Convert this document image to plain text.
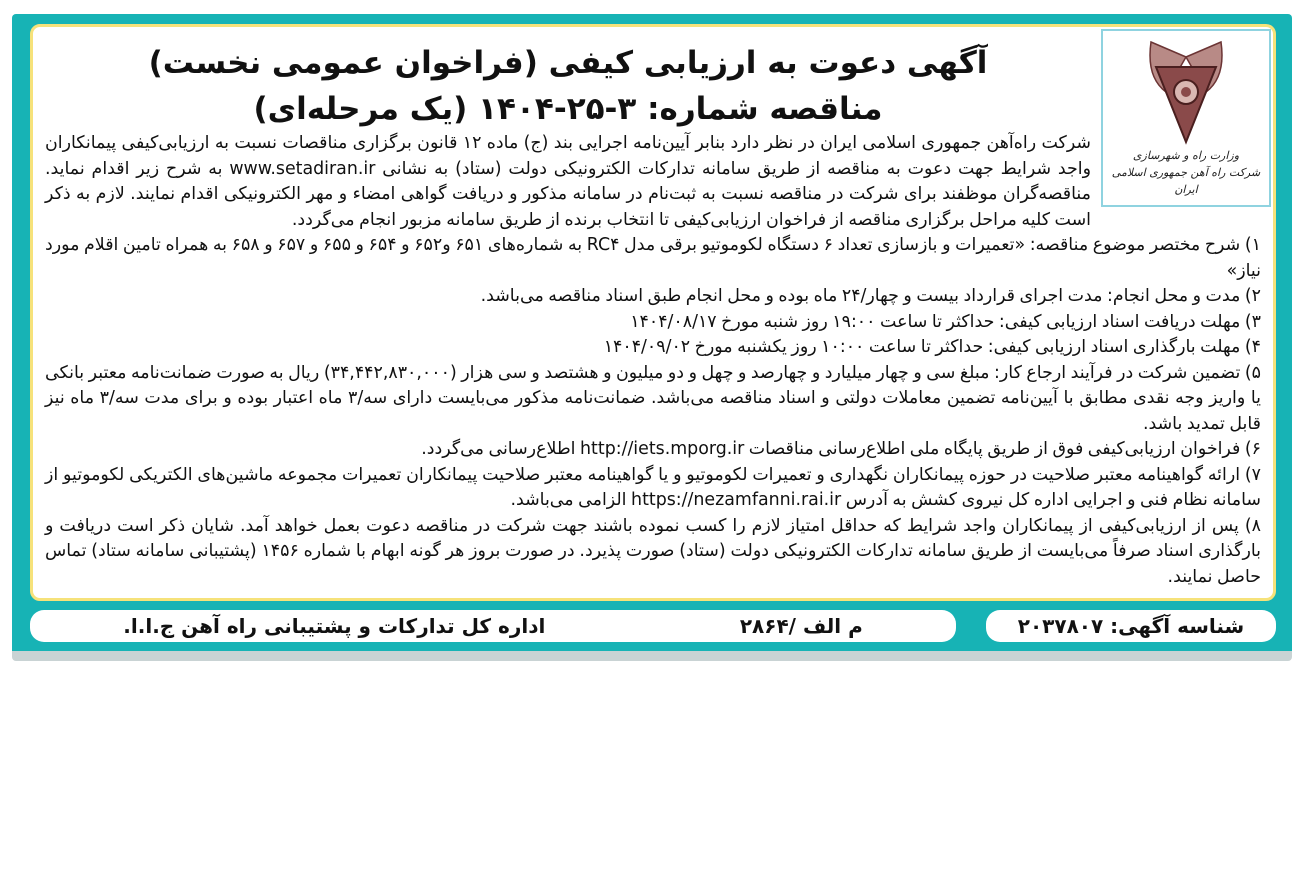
وزارت راه و شهرسازی
شرکت راه آهن جمهوری اسلامی ایران
آگهی دعوت به ارزیابی کیفی (فراخوان عمومی نخست)
مناقصه شماره: ۳-۲۵-۱۴۰۴ (یک مرحله‌ای)

شرکت راه‌آهن جمهوری اسلامی ایران در نظر دارد بنابر آیین‌نامه اجرایی بند (ج) ماده ۱۲ قانون برگزاری مناقصات نسبت به ارزیابی‌کیفی پیمانکاران واجد شرایط جهت دعوت به مناقصه از طریق سامانه تدارکات الکترونیکی دولت (ستاد) به نشانی www.setadiran.ir به شرح زیر اقدام نماید. مناقصه‌گران موظفند برای شرکت در مناقصه نسبت به ثبت‌نام در سامانه مذکور و دریافت گواهی امضاء و مهر الکترونیکی اقدام نمایند. لازم به ذکر است کلیه مراحل برگزاری مناقصه از فراخوان ارزیابی‌کیفی تا انتخاب برنده از طریق سامانه مزبور انجام می‌گردد.

۱) شرح مختصر موضوع مناقصه: «تعمیرات و بازسازی تعداد ۶ دستگاه لکوموتیو برقی مدل RC۴ به شماره‌های ۶۵۱ و۶۵۲ و ۶۵۴ و ۶۵۵ و ۶۵۷ و ۶۵۸ به همراه تامین اقلام مورد نیاز»

۲) مدت و محل انجام: مدت اجرای قرارداد بیست و چهار/۲۴ ماه بوده و محل انجام طبق اسناد مناقصه می‌باشد.

۳) مهلت دریافت اسناد ارزیابی کیفی: حداکثر تا ساعت ۱۹:۰۰ روز شنبه مورخ ۱۴۰۴/۰۸/۱۷

۴) مهلت بارگذاری اسناد ارزیابی کیفی: حداکثر تا ساعت ۱۰:۰۰ روز یکشنبه مورخ ۱۴۰۴/۰۹/۰۲

۵) تضمین شرکت در فرآیند ارجاع کار: مبلغ سی و چهار میلیارد و چهارصد و چهل و دو میلیون و هشتصد و سی هزار (۳۴,۴۴۲,۸۳۰,۰۰۰) ریال به صورت ضمانت‌نامه معتبر بانکی یا واریز وجه نقدی مطابق با آیین‌نامه تضمین معاملات دولتی و اسناد مناقصه می‌باشد. ضمانت‌نامه مذکور می‌بایست دارای سه/۳ ماه اعتبار بوده و برای مدت سه/۳ ماه نیز قابل تمدید باشد.

۶) فراخوان ارزیابی‌کیفی فوق از طریق پایگاه ملی اطلاع‌رسانی مناقصات http://iets.mporg.ir اطلاع‌رسانی می‌گردد.

۷) ارائه گواهینامه معتبر صلاحیت در حوزه پیمانکاران نگهداری و تعمیرات لکوموتیو و یا گواهینامه معتبر صلاحیت پیمانکاران تعمیرات مجموعه ماشین‌های الکتریکی لکوموتیو از سامانه نظام فنی و اجرایی اداره کل نیروی کشش به آدرس https://nezamfanni.rai.ir الزامی می‌باشد.

۸) پس از ارزیابی‌کیفی از پیمانکاران واجد شرایط که حداقل امتیاز لازم را کسب نموده باشند جهت شرکت در مناقصه دعوت بعمل خواهد آمد. شایان ذکر است دریافت و بارگذاری اسناد صرفاً می‌بایست از طریق سامانه تدارکات الکترونیکی دولت (ستاد) صورت پذیرد. در صورت بروز هر گونه ابهام با شماره ۱۴۵۶ (پشتیبانی سامانه ستاد) تماس حاصل نمایند.

شناسه آگهی: ۲۰۳۷۸۰۷
م الف /۲۸۶۴
اداره کل تدارکات و پشتیبانی راه آهن ج.ا.ا.
